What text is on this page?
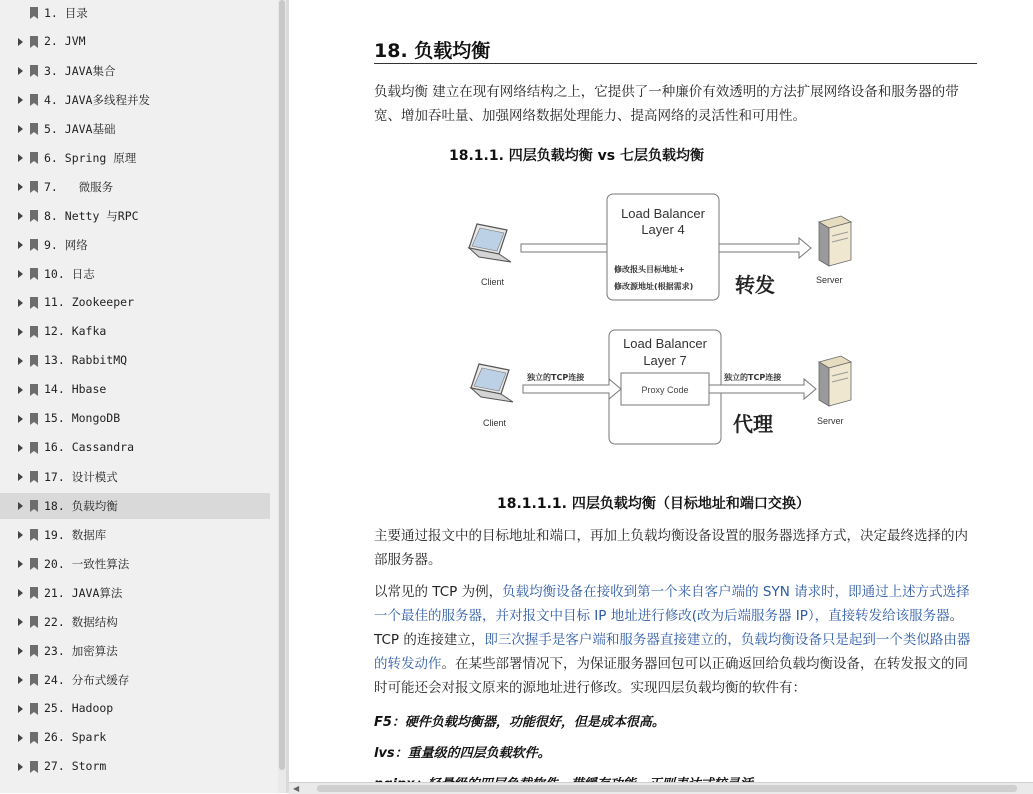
1. 目录
2. JVM
3. JAVA集合
4. JAVA多线程并发
5. JAVA基础
6. Spring 原理
7.   微服务
8. Netty 与RPC
9. 网络
10. 日志
11. Zookeeper
12. Kafka
13. RabbitMQ
14. Hbase
15. MongoDB
16. Cassandra
17. 设计模式
18. 负载均衡
19. 数据库
20. 一致性算法
21. JAVA算法
22. 数据结构
23. 加密算法
24. 分布式缓存
25. Hadoop
26. Spark
27. Storm
18. 负载均衡
负载均衡 建立在现有网络结构之上，它提供了一种廉价有效透明的方法扩展网络设备和服务器的带宽、增加吞吐量、加强网络数据处理能力、提高网络的灵活性和可用性。
18.1.1. 四层负载均衡 vs 七层负载均衡
Client
Load Balancer
Layer 4
修改报头目标地址+
修改源地址(根据需求) 转发	Server
Client
Load Balancer
Layer 7
Proxy Code
独立的TCP连接	独立的TCP连接
代理	Server
18.1.1.1. 四层负载均衡（目标地址和端口交换）
主要通过报文中的目标地址和端口，再加上负载均衡设备设置的服务器选择方式，决定最终选择的内部服务器。
以常见的 TCP 为例，负载均衡设备在接收到第一个来自客户端的 SYN 请求时，即通过上述方式选择一个最佳的服务器，并对报文中目标 IP 地址进行修改(改为后端服务器 IP），直接转发给该服务器。TCP 的连接建立，即三次握手是客户端和服务器直接建立的，负载均衡设备只是起到一个类似路由器的转发动作。在某些部署情况下，为保证服务器回包可以正确返回给负载均衡设备，在转发报文的同时可能还会对报文原来的源地址进行修改。实现四层负载均衡的软件有：
F5：硬件负载均衡器，功能很好，但是成本很高。
lvs：重量级的四层负载软件。
◀
